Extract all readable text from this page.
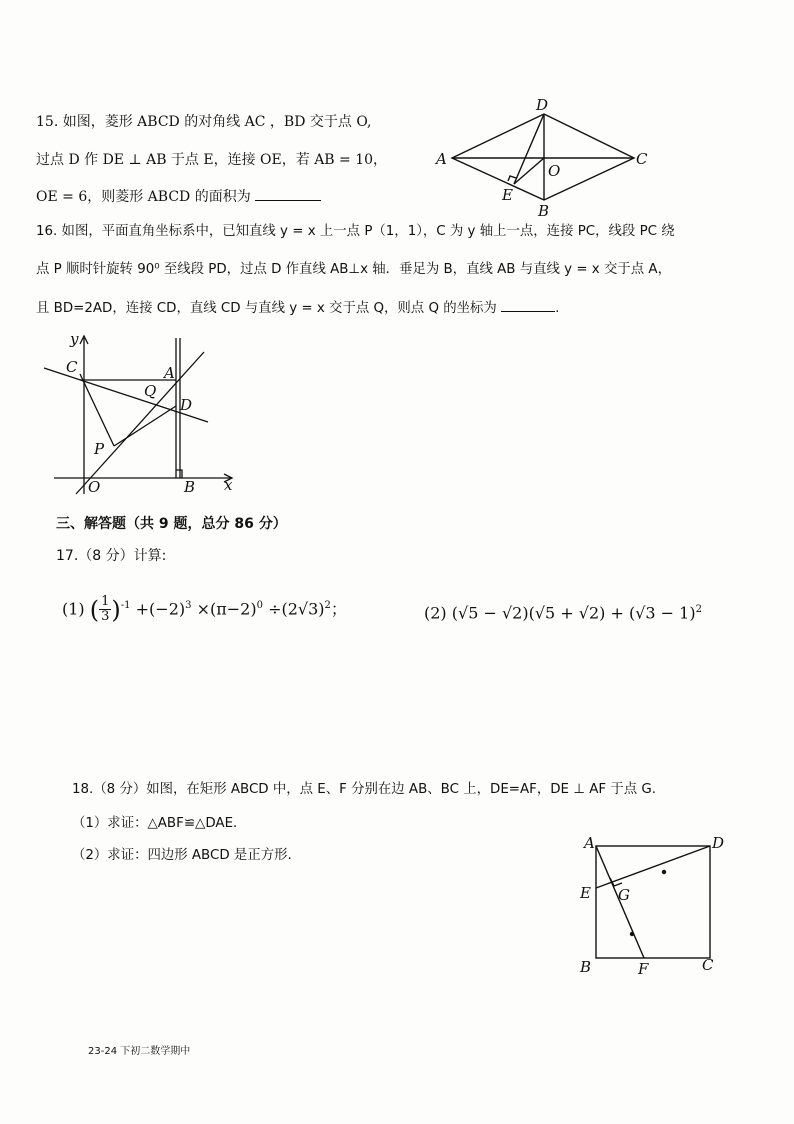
15. 如图，菱形 ABCD 的对角线 AC ，BD 交于点 O,
过点 D 作 DE ⊥ AB 于点 E，连接 OE，若 AB = 10，
OE = 6，则菱形 ABCD 的面积为
A
D
C
O
E
B
16. 如图，平面直角坐标系中，已知直线 y = x 上一点 P（1，1），C 为 y 轴上一点，连接 PC，线段 PC 绕
点 P 顺时针旋转 90⁰ 至线段 PD，过点 D 作直线 AB⊥x 轴．垂足为 B，直线 AB 与直线 y = x 交于点 A，
且 BD=2AD，连接 CD，直线 CD 与直线 y = x 交于点 Q，则点 Q 的坐标为	.
y
x
C	A
Q
D
P
O	B
三、解答题（共 9 题，总分 86 分）
17.（8 分）计算:
(1) ( $\frac{1}{3} )^{-1} +(-2)^3 \times(\pi-2)^0 \div(2√3)^2$；	(2) $(√5 - √2)(√5 + √2) + (√3 - 1)^2$
18.（8 分）如图，在矩形 ABCD 中，点 E、F 分别在边 AB、BC 上，DE=AF，DE ⊥ AF 于点 G.
（1）求证：△ABF≌△DAE．
（2）求证：四边形 ABCD 是正方形.
A	D
E G
B	F	C
23-24 下初二数学期中
